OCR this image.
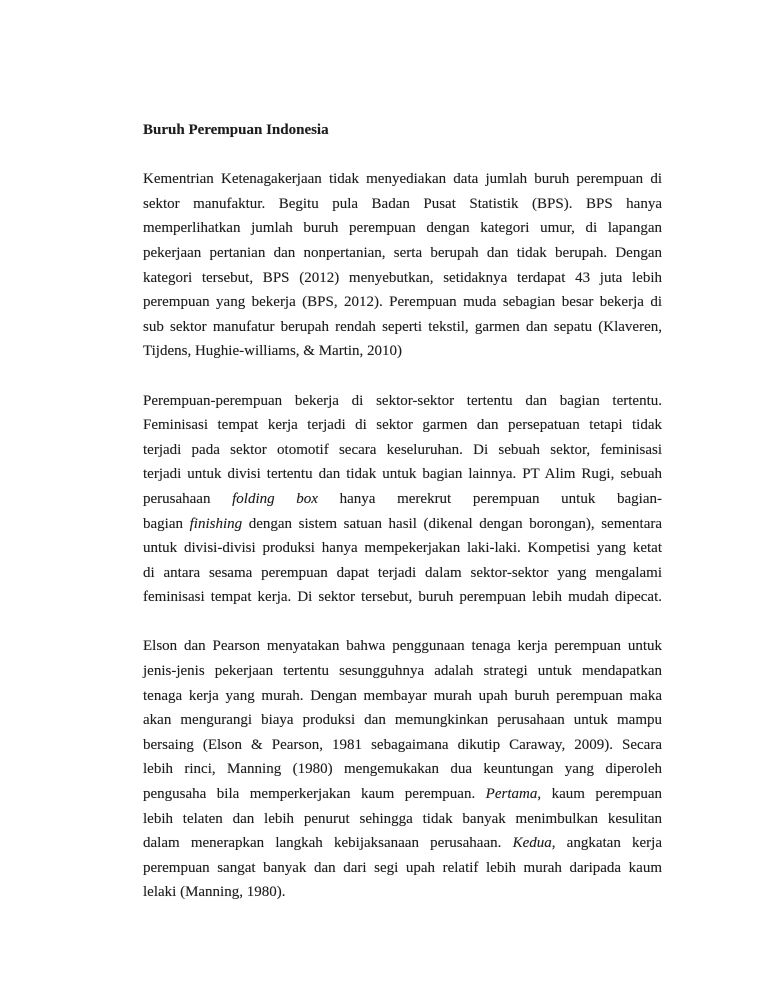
Buruh Perempuan Indonesia
Kementrian Ketenagakerjaan tidak menyediakan data jumlah buruh perempuan di
sektor manufaktur. Begitu pula Badan Pusat Statistik (BPS). BPS hanya
memperlihatkan jumlah buruh perempuan dengan kategori umur, di lapangan
pekerjaan pertanian dan nonpertanian, serta berupah dan tidak berupah. Dengan
kategori tersebut, BPS (2012) menyebutkan, setidaknya terdapat 43 juta lebih
perempuan yang bekerja (BPS, 2012). Perempuan muda sebagian besar bekerja di
sub sektor manufatur berupah rendah seperti tekstil, garmen dan sepatu (Klaveren,
Tijdens, Hughie-williams, & Martin, 2010)
Perempuan-perempuan bekerja di sektor-sektor tertentu dan bagian tertentu.
Feminisasi tempat kerja terjadi di sektor garmen dan persepatuan tetapi tidak
terjadi pada sektor otomotif secara keseluruhan. Di sebuah sektor, feminisasi
terjadi untuk divisi tertentu dan tidak untuk bagian lainnya. PT Alim Rugi, sebuah
perusahaan folding box hanya merekrut perempuan untuk bagian-
bagian finishing dengan sistem satuan hasil (dikenal dengan borongan), sementara
untuk divisi-divisi produksi hanya mempekerjakan laki-laki. Kompetisi yang ketat
di antara sesama perempuan dapat terjadi dalam sektor-sektor yang mengalami
feminisasi tempat kerja. Di sektor tersebut, buruh perempuan lebih mudah dipecat.
Elson dan Pearson menyatakan bahwa penggunaan tenaga kerja perempuan untuk
jenis-jenis pekerjaan tertentu sesungguhnya adalah strategi untuk mendapatkan
tenaga kerja yang murah. Dengan membayar murah upah buruh perempuan maka
akan mengurangi biaya produksi dan memungkinkan perusahaan untuk mampu
bersaing (Elson & Pearson, 1981 sebagaimana dikutip Caraway, 2009). Secara
lebih rinci, Manning (1980) mengemukakan dua keuntungan yang diperoleh
pengusaha bila memperkerjakan kaum perempuan. Pertama, kaum perempuan
lebih telaten dan lebih penurut sehingga tidak banyak menimbulkan kesulitan
dalam menerapkan langkah kebijaksanaan perusahaan. Kedua, angkatan kerja
perempuan sangat banyak dan dari segi upah relatif lebih murah daripada kaum
lelaki (Manning, 1980).
